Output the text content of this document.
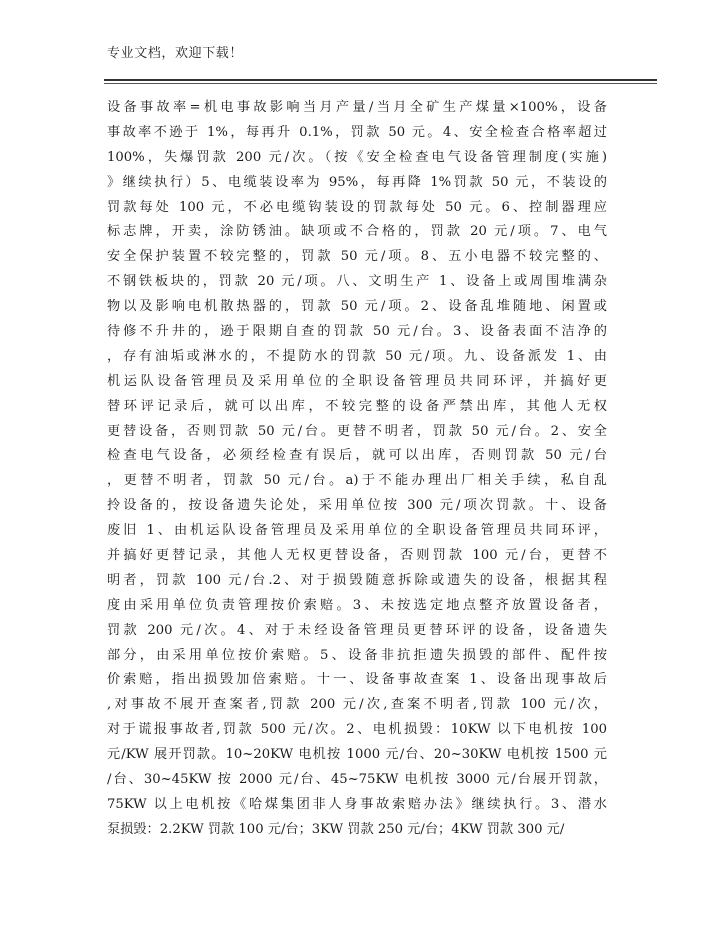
专业文档，欢迎下载！
设备事故率=机电事故影响当月产量/当月全矿生产煤量×100%，设备
事故率不逊于 1%，每再升 0.1%，罚款 50 元。4、安全检查合格率超过
100%，失爆罚款 200 元/次。（按《安全检查电气设备管理制度(实施)
》继续执行）5、电缆装设率为 95%，每再降 1%罚款 50 元，不装设的
罚款每处 100 元，不必电缆钩装设的罚款每处 50 元。6、控制器理应
标志牌，开卖，涂防锈油。缺项或不合格的，罚款 20 元/项。7、电气
安全保护装置不较完整的，罚款 50 元/项。8、五小电器不较完整的、
不钢铁板块的，罚款 20 元/项。八、文明生产 1、设备上或周围堆满杂
物以及影响电机散热器的，罚款 50 元/项。2、设备乱堆随地、闲置或
待修不升井的，逊于限期自查的罚款 50 元/台。3、设备表面不洁净的
，存有油垢或淋水的，不提防水的罚款 50 元/项。九、设备派发 1、由
机运队设备管理员及采用单位的全职设备管理员共同环评，并搞好更
替环评记录后，就可以出库，不较完整的设备严禁出库，其他人无权
更替设备，否则罚款 50 元/台。更替不明者，罚款 50 元/台。2、安全
检查电气设备，必须经检查有误后，就可以出库，否则罚款 50 元/台
，更替不明者，罚款 50 元/台。a)于不能办理出厂相关手续，私自乱
拎设备的，按设备遗失论处，采用单位按 300 元/项次罚款。十、设备
废旧 1、由机运队设备管理员及采用单位的全职设备管理员共同环评，
并搞好更替记录，其他人无权更替设备，否则罚款 100 元/台，更替不
明者，罚款 100 元/台.2、对于损毁随意拆除或遗失的设备，根据其程
度由采用单位负责管理按价索赔。3、未按选定地点整齐放置设备者，
罚款 200 元/次。4、对于未经设备管理员更替环评的设备，设备遗失
部分，由采用单位按价索赔。5、设备非抗拒遗失损毁的部件、配件按
价索赔，指出损毁加倍索赔。十一、设备事故查案 1、设备出现事故后
,对事故不展开查案者,罚款 200 元/次,查案不明者,罚款 100 元/次，
对于谎报事故者,罚款 500 元/次。2、电机损毁：10KW 以下电机按 100
元/KW 展开罚款。10~20KW 电机按 1000 元/台、20~30KW 电机按 1500 元
/台、30~45KW 按 2000 元/台、45~75KW 电机按 3000 元/台展开罚款，
75KW 以上电机按《哈煤集团非人身事故索赔办法》继续执行。3、潜水
泵损毁：2.2KW 罚款 100 元/台；3KW 罚款 250 元/台；4KW 罚款 300 元/
